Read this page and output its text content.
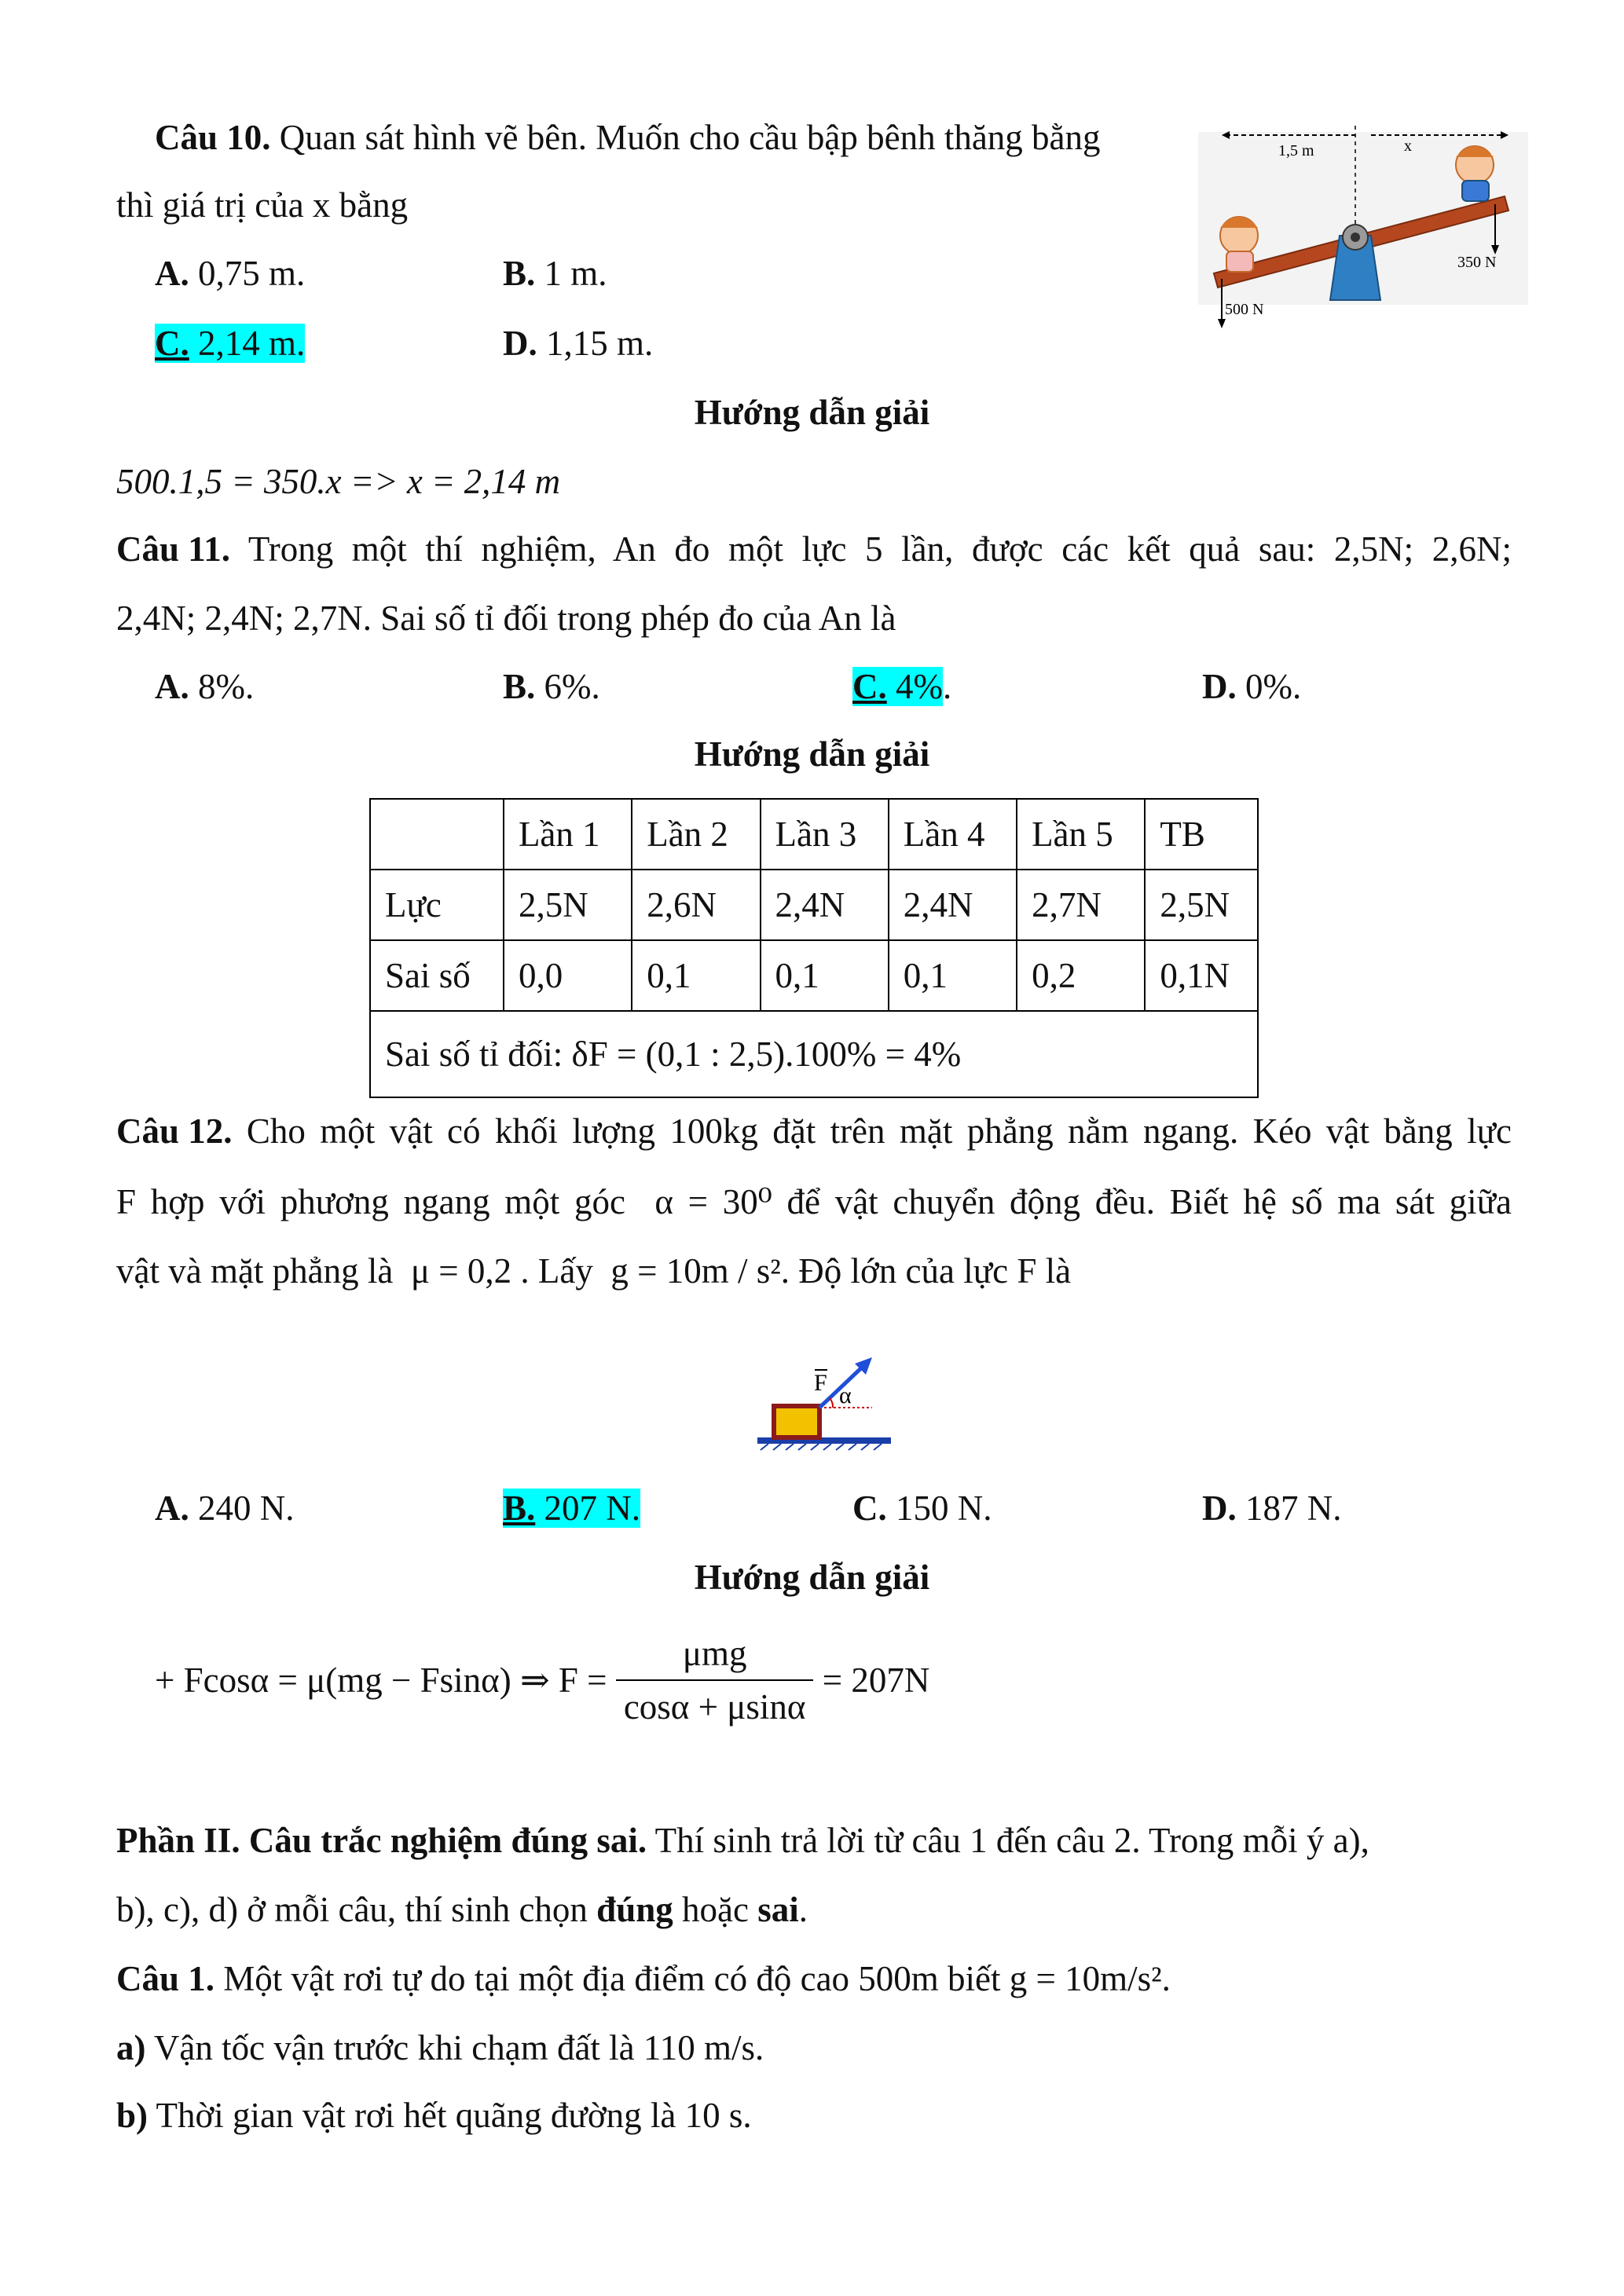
Câu 10. Quan sát hình vẽ bên. Muốn cho cầu bập bênh thăng bằng
thì giá trị của x bằng
A. 0,75 m.	B. 1 m.
C. 2,14 m.	D. 1,15 m.
1,5 m	x
500 N
350 N
Hướng dẫn giải
500.1,5 = 350.x => x = 2,14 m
Câu 11. Trong một thí nghiệm, An đo một lực 5 lần, được các kết quả sau: 2,5N; 2,6N;
2,4N; 2,4N; 2,7N. Sai số tỉ đối trong phép đo của An là
A. 8%.	B. 6%.	C. 4%.	D. 0%.
Hướng dẫn giải
	Lần 1	Lần 2	Lần 3	Lần 4	Lần 5	TB
Lực	2,5N	2,6N	2,4N	2,4N	2,7N	2,5N
Sai số	0,0	0,1	0,1	0,1	0,2	0,1N
Sai số tỉ đối: δF = (0,1 : 2,5).100% = 4%						
Câu 12. Cho một vật có khối lượng 100kg đặt trên mặt phẳng nằm ngang. Kéo vật bằng lực
F hợp với phương ngang một góc  α = 30⁰ để vật chuyển động đều. Biết hệ số ma sát giữa
vật và mặt phẳng là  μ = 0,2 . Lấy  g = 10m / s². Độ lớn của lực F là
F α
A. 240 N.	B. 207 N.	C. 150 N.	D. 187 N.
Hướng dẫn giải
+ Fcosα = μ(mg − Fsinα) ⇒ $F = \frac{\text{μmg}}{\cos\alpha + \mu\sin\alpha} = 207N$
Phần II. Câu trắc nghiệm đúng sai. Thí sinh trả lời từ câu 1 đến câu 2. Trong mỗi ý a),
b), c), d) ở mỗi câu, thí sinh chọn đúng hoặc sai.
Câu 1. Một vật rơi tự do tại một địa điểm có độ cao 500m biết g = 10m/s².
a) Vận tốc vận trước khi chạm đất là 110 m/s.
b) Thời gian vật rơi hết quãng đường là 10 s.
